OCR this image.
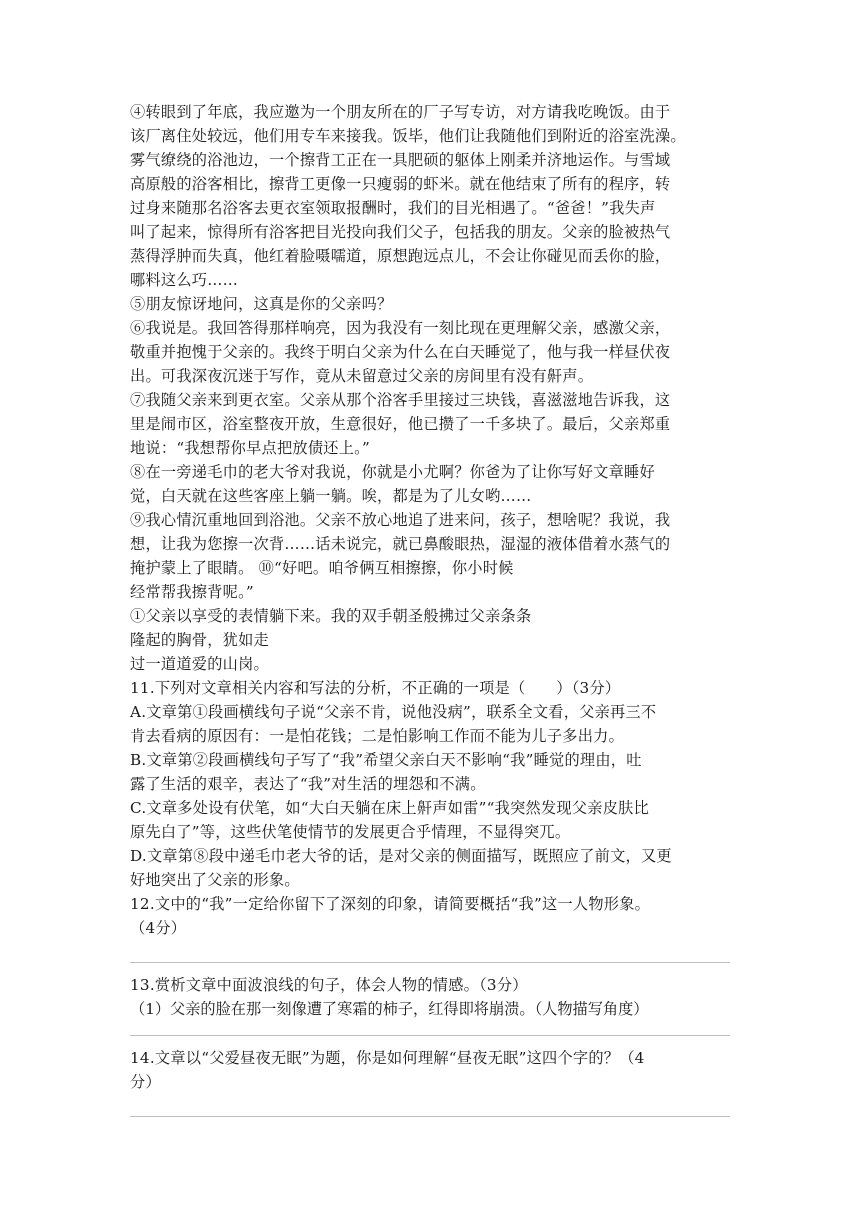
④转眼到了年底，我应邀为一个朋友所在的厂子写专访，对方请我吃晚饭。由于
该厂离住处较远，他们用专车来接我。饭毕，他们让我随他们到附近的浴室洗澡。
雾气缭绕的浴池边，一个擦背工正在一具肥硕的躯体上刚柔并济地运作。与雪域
高原般的浴客相比，擦背工更像一只瘦弱的虾米。就在他结束了所有的程序，转
过身来随那名浴客去更衣室领取报酬时，我们的目光相遇了。“爸爸！”我失声
叫了起来，惊得所有浴客把目光投向我们父子，包括我的朋友。父亲的脸被热气
蒸得浮肿而失真，他红着脸嗫嚅道，原想跑远点儿，不会让你碰见而丢你的脸，
哪料这么巧……
⑤朋友惊讶地问，这真是你的父亲吗？
⑥我说是。我回答得那样响亮，因为我没有一刻比现在更理解父亲，感激父亲，
敬重并抱愧于父亲的。我终于明白父亲为什么在白天睡觉了，他与我一样昼伏夜
出。可我深夜沉迷于写作，竟从未留意过父亲的房间里有没有鼾声。
⑦我随父亲来到更衣室。父亲从那个浴客手里接过三块钱，喜滋滋地告诉我，这
里是闹市区，浴室整夜开放，生意很好，他已攒了一千多块了。最后，父亲郑重
地说：“我想帮你早点把放债还上。”
⑧在一旁递毛巾的老大爷对我说，你就是小尤啊？你爸为了让你写好文章睡好
觉，白天就在这些客座上躺一躺。唉，都是为了儿女哟……
⑨我心情沉重地回到浴池。父亲不放心地追了进来问，孩子，想啥呢？我说，我
想，让我为您擦一次背……话未说完，就已鼻酸眼热，湿湿的液体借着水蒸气的
掩护蒙上了眼睛。 ⑩“好吧。咱爷俩互相擦擦，你小时候
经常帮我擦背呢。”
①父亲以享受的表情躺下来。我的双手朝圣般拂过父亲条条
隆起的胸骨，犹如走
过一道道爱的山岗。
11.下列对文章相关内容和写法的分析，不正确的一项是（　　）（3分）
A.文章第①段画横线句子说“父亲不肯，说他没病”，联系全文看，父亲再三不
肯去看病的原因有：一是怕花钱；二是怕影响工作而不能为儿子多出力。
B.文章第②段画横线句子写了“我”希望父亲白天不影响“我”睡觉的理由，吐
露了生活的艰辛，表达了“我”对生活的埋怨和不满。
C.文章多处设有伏笔，如“大白天躺在床上鼾声如雷”“我突然发现父亲皮肤比
原先白了”等，这些伏笔使情节的发展更合乎情理，不显得突兀。
D.文章第⑧段中递毛巾老大爷的话，是对父亲的侧面描写，既照应了前文，又更
好地突出了父亲的形象。
12.文中的“我”一定给你留下了深刻的印象，请简要概括“我”这一人物形象。
（4分）
13.赏析文章中面波浪线的句子，体会人物的情感。（3分）
（1）父亲的脸在那一刻像遭了寒霜的柿子，红得即将崩溃。（人物描写角度）
14.文章以“父爱昼夜无眠”为题，你是如何理解“昼夜无眠”这四个字的？（4
分）
